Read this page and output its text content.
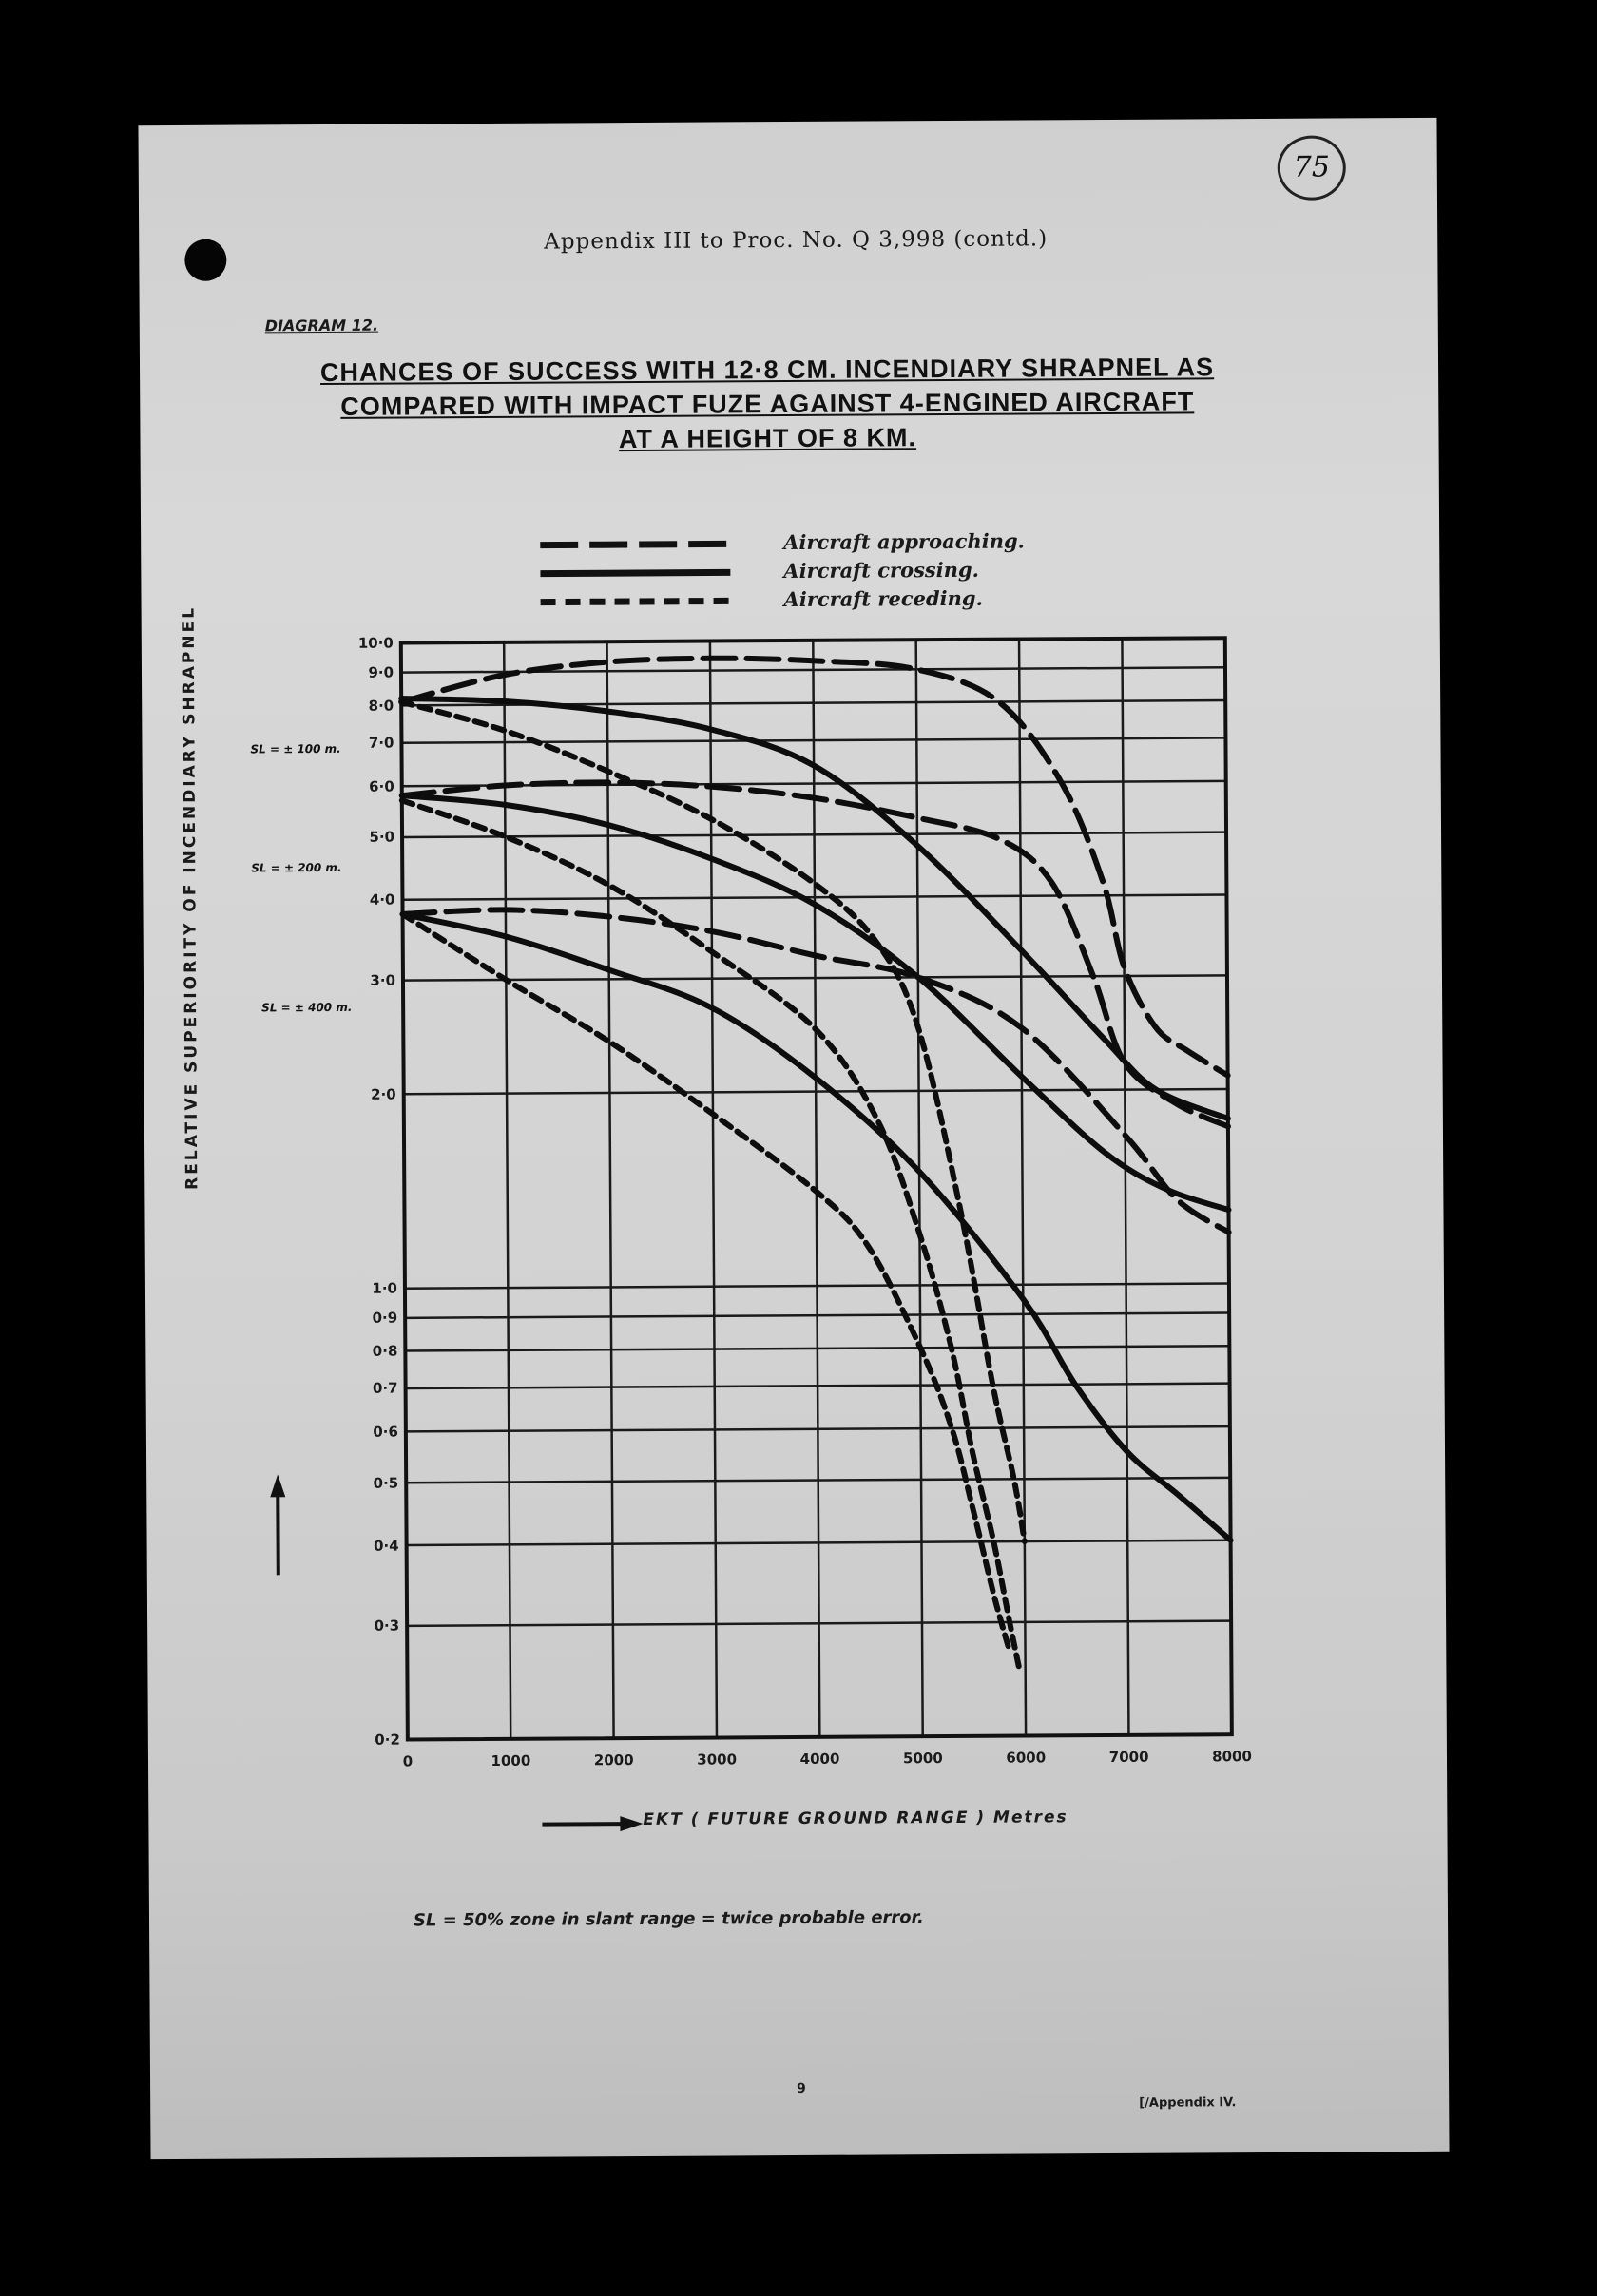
75
Appendix III to Proc. No. Q 3,998 (contd.)
DIAGRAM 12.
CHANCES OF SUCCESS WITH 12·8 CM. INCENDIARY SHRAPNEL AS
COMPARED WITH IMPACT FUZE AGAINST 4-ENGINED AIRCRAFT
AT A HEIGHT OF 8 KM.
Aircraft approaching.
Aircraft crossing.
Aircraft receding.
RELATIVE SUPERIORITY OF INCENDIARY SHRAPNEL
EKT ( FUTURE GROUND RANGE ) Metres
10·0
9·0
8·0
7·0
6·0
5·0
4·0
3·0
2·0
1·0
0·9
0·8
0·7
0·6
0·5
0·4
0·3
0·2
0	1000	2000	3000	4000	5000	6000	7000	8000
SL = ± 100 m.
SL = ± 200 m.
SL = ± 400 m.
SL = 50% zone in slant range = twice probable error.
9
[/Appendix IV.
